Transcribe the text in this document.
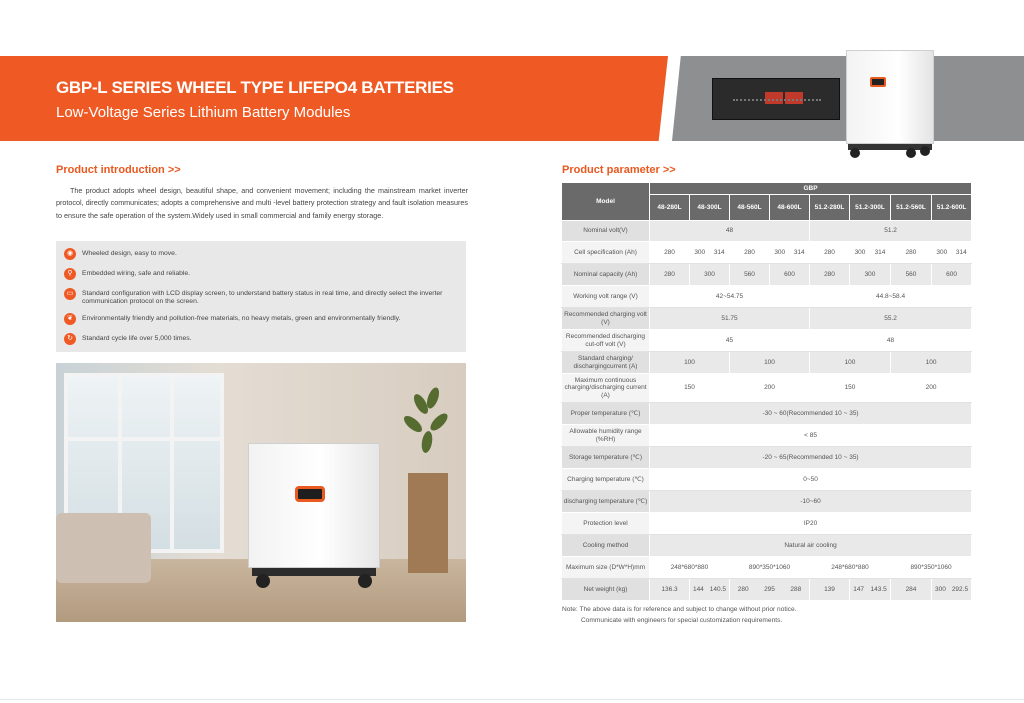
GBP-L SERIES WHEEL TYPE LIFEPO4 BATTERIES
Low-Voltage Series Lithium Battery Modules
Product introduction >>

The product adopts wheel design, beautiful shape, and convenient movement; including the mainstream market inverter protocol, directly communicates; adopts a comprehensive and multi -level battery protection strategy and fault isolation measures to ensure the safe operation of the system.Widely used in small commercial and family energy storage.

◉	Wheeled design, easy to move.
⚲	Embedded wiring, safe and reliable.
▭	Standard configuration with LCD display screen, to understand battery status in real time, and directly select the inverter communication protocol on the screen.
❦	Environmentally friendly and pollution-free materials, no heavy metals, green and environmentally friendly.
↻	Standard cycle life over 5,000 times.
Product parameter >>
Model	GBP							
	48-280L	48-300L	48-560L	48-600L	51.2-280L	51.2-300L	51.2-560L	51.2-600L
Nominal volt(V)	48				51.2			
Cell specification (Ah)	280	300 314	280	300 314	280	300 314	280	300 314

Nominal capacity (Ah)	280	300	560	600	280	300	560	600
Working volt range (V)	42~54.75				44.8~58.4			
Recommended charging volt (V)	51.75				55.2			
Recommended discharging cut-off volt (V)	45				48			
Standard charging/ dischargingcurrent (A)	100		100		100		100	
Maximum continuous charging/discharging current (A)	150		200		150		200	
Proper temperature (℃)	-30 ~ 60(Recommended 10 ~ 35)							
Allowable humidity range (%RH)	< 85							
Storage temperature (℃)	-20 ~ 65(Recommended 10 ~ 35)							
Charging temperature (℃)	0~50							
discharging temperature (℃)	-10~60							
Protection level	IP20							
Cooling method	Natural air cooling							
Maximum size (D*W*H)mm	248*680*880		890*350*1060		248*680*880		890*350*1060	
Net weight (kg)	136.3	144 140.5	280 295 288		139	147 143.5	284	300 292.5
Note: The above data is for reference and subject to change without prior notice.
Communicate with engineers for special customization requirements.
